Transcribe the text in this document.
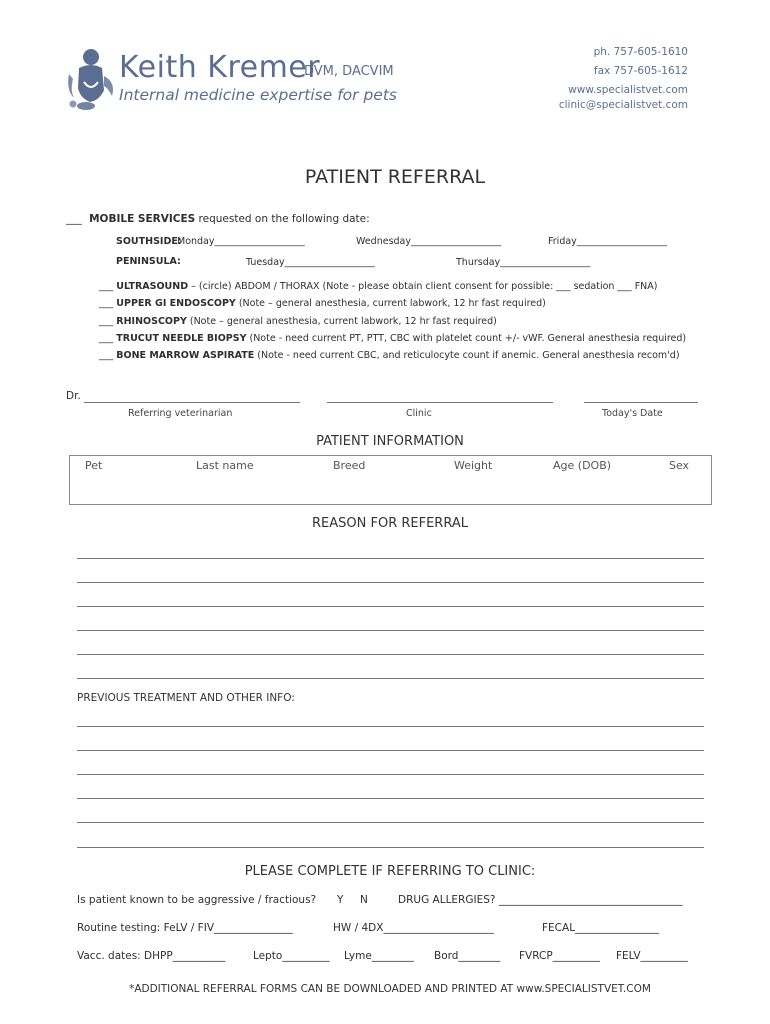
Keith Kremer
DVM, DACVIM
Internal medicine expertise for pets
ph. 757-605-1610
fax 757-605-1612
www.specialistvet.com
clinic@specialistvet.com
PATIENT REFERRAL
___ MOBILE SERVICES requested on the following date:
SOUTHSIDE:
Monday___________________	Wednesday___________________	Friday___________________
PENINSULA:	Tuesday___________________	Thursday___________________
___ ULTRASOUND – (circle) ABDOM / THORAX (Note - please obtain client consent for possible: ___ sedation ___ FNA)
___ UPPER GI ENDOSCOPY (Note – general anesthesia, current labwork, 12 hr fast required)
___ RHINOSCOPY (Note – general anesthesia, current labwork, 12 hr fast required)
___ TRUCUT NEEDLE BIOPSY (Note - need current PT, PTT, CBC with platelet count +/- vWF. General anesthesia required)
___ BONE MARROW ASPIRATE (Note - need current CBC, and reticulocyte count if anemic. General anesthesia recom'd)
Dr.
Referring veterinarian	Clinic	Today's Date
PATIENT INFORMATION
Pet	Last name	Breed	Weight	Age (DOB)	Sex
REASON FOR REFERRAL
PREVIOUS TREATMENT AND OTHER INFO:
PLEASE COMPLETE IF REFERRING TO CLINIC:
Is patient known to be aggressive / fractious? Y N	DRUG ALLERGIES? ___________________________________
Routine testing: FeLV / FIV_______________	HW / 4DX_____________________	FECAL________________
Vacc. dates: DHPP__________	Lepto_________ Lyme________ Bord________ FVRCP_________ FELV_________
*ADDITIONAL REFERRAL FORMS CAN BE DOWNLOADED AND PRINTED AT www.SPECIALISTVET.COM
